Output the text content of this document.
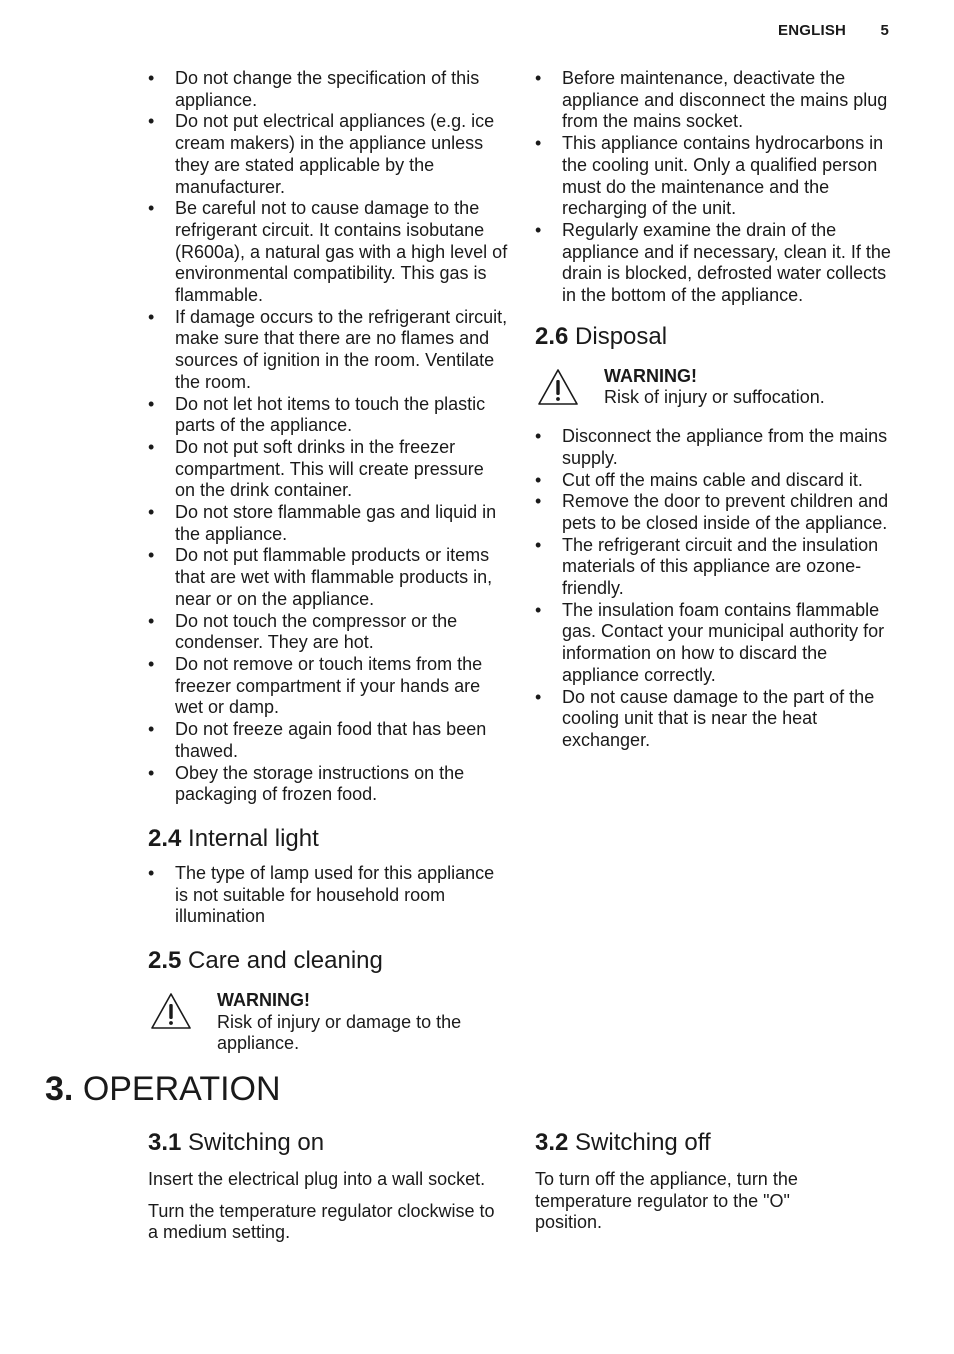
ENGLISH 5
• Do not change the specification of this appliance.
• Do not put electrical appliances (e.g. ice cream makers) in the appliance unless they are stated applicable by the manufacturer.
• Be careful not to cause damage to the refrigerant circuit. It contains isobutane (R600a), a natural gas with a high level of environmental compatibility. This gas is flammable.
• If damage occurs to the refrigerant circuit, make sure that there are no flames and sources of ignition in the room. Ventilate the room.
• Do not let hot items to touch the plastic parts of the appliance.
• Do not put soft drinks in the freezer compartment. This will create pressure on the drink container.
• Do not store flammable gas and liquid in the appliance.
• Do not put flammable products or items that are wet with flammable products in, near or on the appliance.
• Do not touch the compressor or the condenser. They are hot.
• Do not remove or touch items from the freezer compartment if your hands are wet or damp.
• Do not freeze again food that has been thawed.
• Obey the storage instructions on the packaging of frozen food.
2.4 Internal light
• The type of lamp used for this appliance is not suitable for household room illumination
2.5 Care and cleaning
WARNING!
Risk of injury or damage to the appliance.
• Before maintenance, deactivate the appliance and disconnect the mains plug from the mains socket.
• This appliance contains hydrocarbons in the cooling unit. Only a qualified person must do the maintenance and the recharging of the unit.
• Regularly examine the drain of the appliance and if necessary, clean it. If the drain is blocked, defrosted water collects in the bottom of the appliance.
2.6 Disposal
WARNING!
Risk of injury or suffocation.
• Disconnect the appliance from the mains supply.
• Cut off the mains cable and discard it.
• Remove the door to prevent children and pets to be closed inside of the appliance.
• The refrigerant circuit and the insulation materials of this appliance are ozone-friendly.
• The insulation foam contains flammable gas. Contact your municipal authority for information on how to discard the appliance correctly.
• Do not cause damage to the part of the cooling unit that is near the heat exchanger.
3. OPERATION
3.1 Switching on

Insert the electrical plug into a wall socket.

Turn the temperature regulator clockwise to a medium setting.

3.2 Switching off

To turn off the appliance, turn the temperature regulator to the "O" position.
